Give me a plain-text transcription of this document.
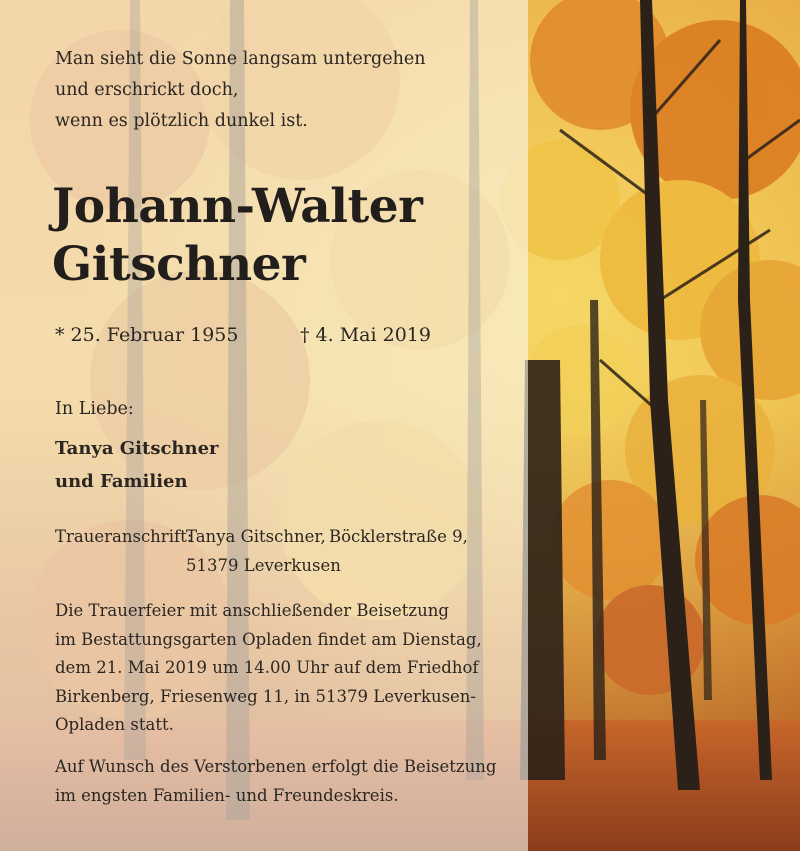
Man sieht die Sonne langsam untergehen
und erschrickt doch,
wenn es plötzlich dunkel ist.

Johann-Walter
Gitschner
* 25. Februar 1955	† 4. Mai 2019
In Liebe:

Tanya Gitschner
und Familien

Traueranschrift:
Tanya Gitschner, Böcklerstraße 9,
51379 Leverkusen

Die Trauerfeier mit anschließender Beisetzung
im Bestattungsgarten Opladen findet am Dienstag,
dem 21. Mai 2019 um 14.00 Uhr auf dem Friedhof
Birkenberg, Friesenweg 11, in 51379 Leverkusen-
Opladen statt.

Auf Wunsch des Verstorbenen erfolgt die Beisetzung
im engsten Familien- und Freundeskreis.
